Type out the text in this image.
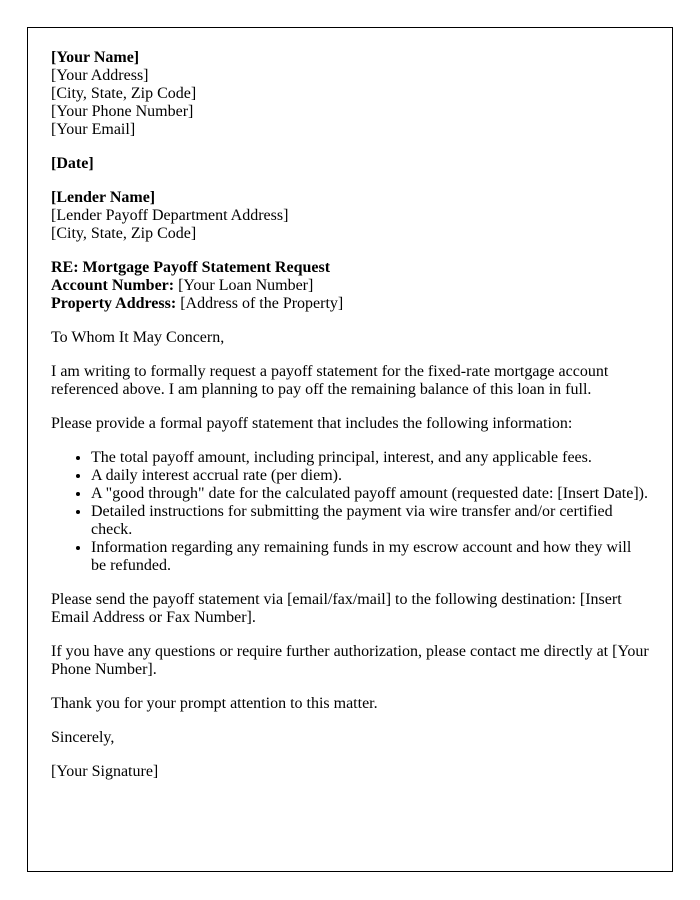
[Your Name]
[Your Address]
[City, State, Zip Code]
[Your Phone Number]
[Your Email]
[Date]
[Lender Name]
[Lender Payoff Department Address]
[City, State, Zip Code]
RE: Mortgage Payoff Statement Request
Account Number: [Your Loan Number]
Property Address: [Address of the Property]
To Whom It May Concern,
I am writing to formally request a payoff statement for the fixed-rate mortgage account referenced above. I am planning to pay off the remaining balance of this loan in full.
Please provide a formal payoff statement that includes the following information:
• The total payoff amount, including principal, interest, and any applicable fees.
• A daily interest accrual rate (per diem).
• A "good through" date for the calculated payoff amount (requested date: [Insert Date]).
• Detailed instructions for submitting the payment via wire transfer and/or certified check.
• Information regarding any remaining funds in my escrow account and how they will be refunded.
Please send the payoff statement via [email/fax/mail] to the following destination: [Insert Email Address or Fax Number].
If you have any questions or require further authorization, please contact me directly at [Your Phone Number].
Thank you for your prompt attention to this matter.
Sincerely,
[Your Signature]
